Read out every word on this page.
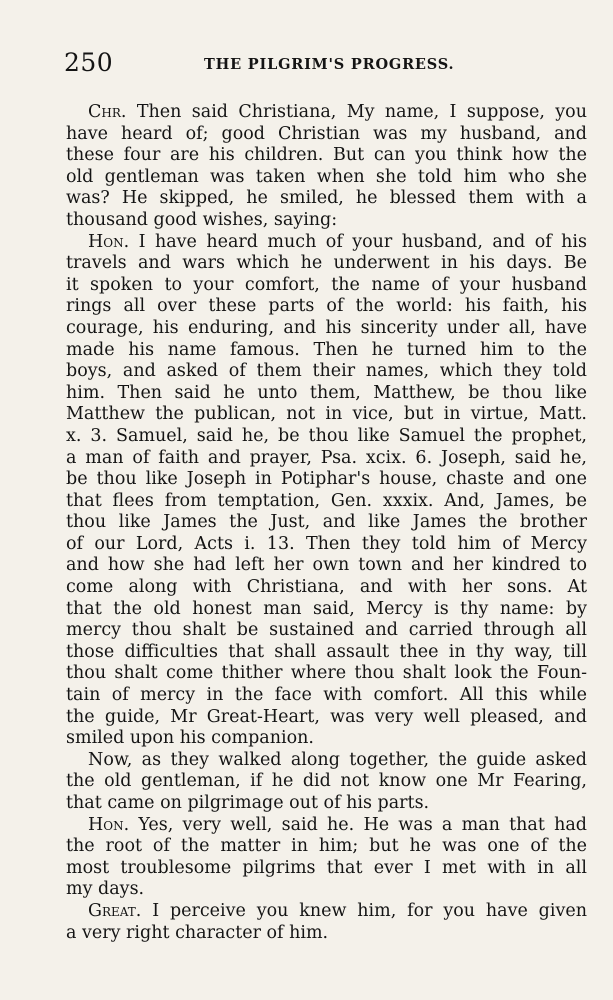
250	THE PILGRIM'S PROGRESS.
Chr. Then said Christiana, My name, I suppose, you
have heard of; good Christian was my husband, and
these four are his children. But can you think how the
old gentleman was taken when she told him who she
was? He skipped, he smiled, he blessed them with a
thousand good wishes, saying:
Hon. I have heard much of your husband, and of his
travels and wars which he underwent in his days. Be
it spoken to your comfort, the name of your husband
rings all over these parts of the world: his faith, his
courage, his enduring, and his sincerity under all, have
made his name famous. Then he turned him to the
boys, and asked of them their names, which they told
him. Then said he unto them, Matthew, be thou like
Matthew the publican, not in vice, but in virtue, Matt.
x. 3. Samuel, said he, be thou like Samuel the prophet,
a man of faith and prayer, Psa. xcix. 6. Joseph, said he,
be thou like Joseph in Potiphar's house, chaste and one
that flees from temptation, Gen. xxxix. And, James, be
thou like James the Just, and like James the brother
of our Lord, Acts i. 13. Then they told him of Mercy
and how she had left her own town and her kindred to
come along with Christiana, and with her sons. At
that the old honest man said, Mercy is thy name: by
mercy thou shalt be sustained and carried through all
those difficulties that shall assault thee in thy way, till
thou shalt come thither where thou shalt look the Foun-
tain of mercy in the face with comfort. All this while
the guide, Mr Great-Heart, was very well pleased, and
smiled upon his companion.
Now, as they walked along together, the guide asked
the old gentleman, if he did not know one Mr Fearing,
that came on pilgrimage out of his parts.
Hon. Yes, very well, said he. He was a man that had
the root of the matter in him; but he was one of the
most troublesome pilgrims that ever I met with in all
my days.
Great. I perceive you knew him, for you have given
a very right character of him.
